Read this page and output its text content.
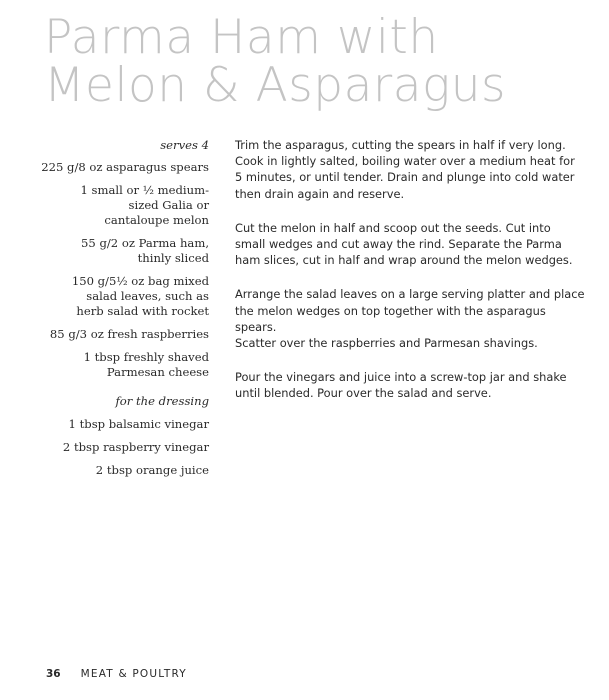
Parma Ham with
Melon & Asparagus
serves 4
225 g/8 oz asparagus spears
1 small or ½ medium-
sized Galia or
cantaloupe melon
55 g/2 oz Parma ham,
thinly sliced
150 g/5½ oz bag mixed
salad leaves, such as
herb salad with rocket
85 g/3 oz fresh raspberries
1 tbsp freshly shaved
Parmesan cheese
for the dressing
1 tbsp balsamic vinegar
2 tbsp raspberry vinegar
2 tbsp orange juice

Trim the asparagus, cutting the spears in half if very long.
Cook in lightly salted, boiling water over a medium heat for
5 minutes, or until tender. Drain and plunge into cold water
then drain again and reserve.

Cut the melon in half and scoop out the seeds. Cut into
small wedges and cut away the rind. Separate the Parma
ham slices, cut in half and wrap around the melon wedges.

Arrange the salad leaves on a large serving platter and place
the melon wedges on top together with the asparagus spears.
Scatter over the raspberries and Parmesan shavings.

Pour the vinegars and juice into a screw-top jar and shake
until blended. Pour over the salad and serve.

36 MEAT & POULTRY
